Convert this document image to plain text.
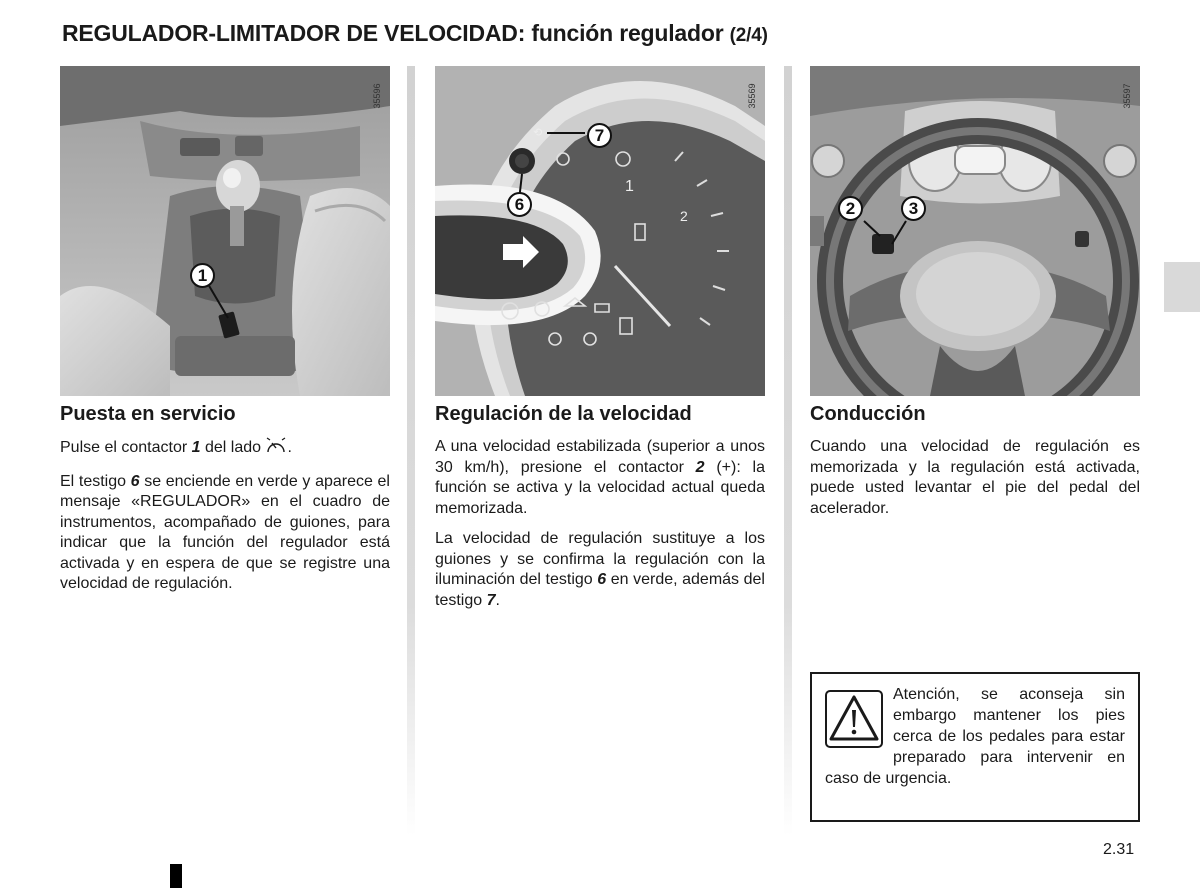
REGULADOR-LIMITADOR DE VELOCIDAD: función regulador (2/4)
35596
1
1
2
⟲
35569
7
6
35597
2	3
Puesta en servicio

Pulse el contactor 1 del lado .

El testigo 6 se enciende en verde y aparece el mensaje «REGULADOR» en el cuadro de instrumentos, acompañado de guiones, para indicar que la función del regulador está activada y en espera de que se registre una velocidad de regulación.

Regulación de la velocidad

A una velocidad estabilizada (superior a unos 30 km/h), presione el contactor 2 (+): la función se activa y la velocidad actual queda memorizada.

La velocidad de regulación sustituye a los guiones y se confirma la regulación con la iluminación del testigo 6 en verde, además del testigo 7.

Conducción

Cuando una velocidad de regulación es memorizada y la regulación está activada, puede usted levantar el pie del pedal del acelerador.

Atención, se aconseja sin embargo mantener los pies cerca de los pedales para estar preparado para intervenir en caso de urgencia.

2.31
